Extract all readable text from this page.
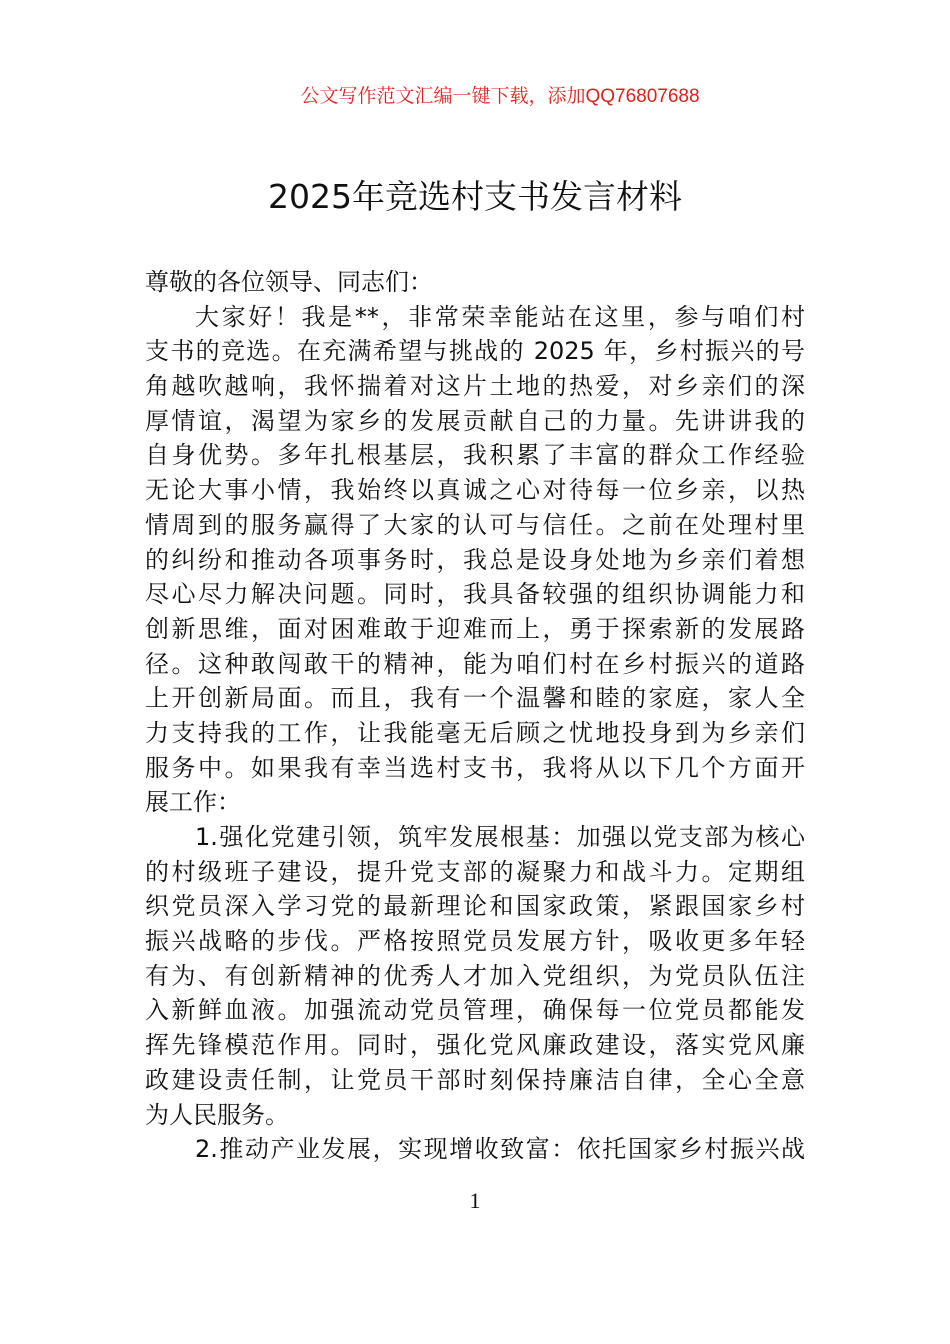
公文写作范文汇编一键下载，添加QQ76807688
2025年竞选村支书发言材料
尊敬的各位领导、同志们：
大家好！我是**，非常荣幸能站在这里，参与咱们村
支书的竞选。在充满希望与挑战的 2025 年，乡村振兴的号
角越吹越响，我怀揣着对这片土地的热爱，对乡亲们的深
厚情谊，渴望为家乡的发展贡献自己的力量。先讲讲我的
自身优势。多年扎根基层，我积累了丰富的群众工作经验
无论大事小情，我始终以真诚之心对待每一位乡亲，以热
情周到的服务赢得了大家的认可与信任。之前在处理村里
的纠纷和推动各项事务时，我总是设身处地为乡亲们着想
尽心尽力解决问题。同时，我具备较强的组织协调能力和
创新思维，面对困难敢于迎难而上，勇于探索新的发展路
径。这种敢闯敢干的精神，能为咱们村在乡村振兴的道路
上开创新局面。而且，我有一个温馨和睦的家庭，家人全
力支持我的工作，让我能毫无后顾之忧地投身到为乡亲们
服务中。如果我有幸当选村支书，我将从以下几个方面开
展工作：
1.强化党建引领，筑牢发展根基：加强以党支部为核心
的村级班子建设，提升党支部的凝聚力和战斗力。定期组
织党员深入学习党的最新理论和国家政策，紧跟国家乡村
振兴战略的步伐。严格按照党员发展方针，吸收更多年轻
有为、有创新精神的优秀人才加入党组织，为党员队伍注
入新鲜血液。加强流动党员管理，确保每一位党员都能发
挥先锋模范作用。同时，强化党风廉政建设，落实党风廉
政建设责任制，让党员干部时刻保持廉洁自律，全心全意
为人民服务。
2.推动产业发展，实现增收致富：依托国家乡村振兴战
1
